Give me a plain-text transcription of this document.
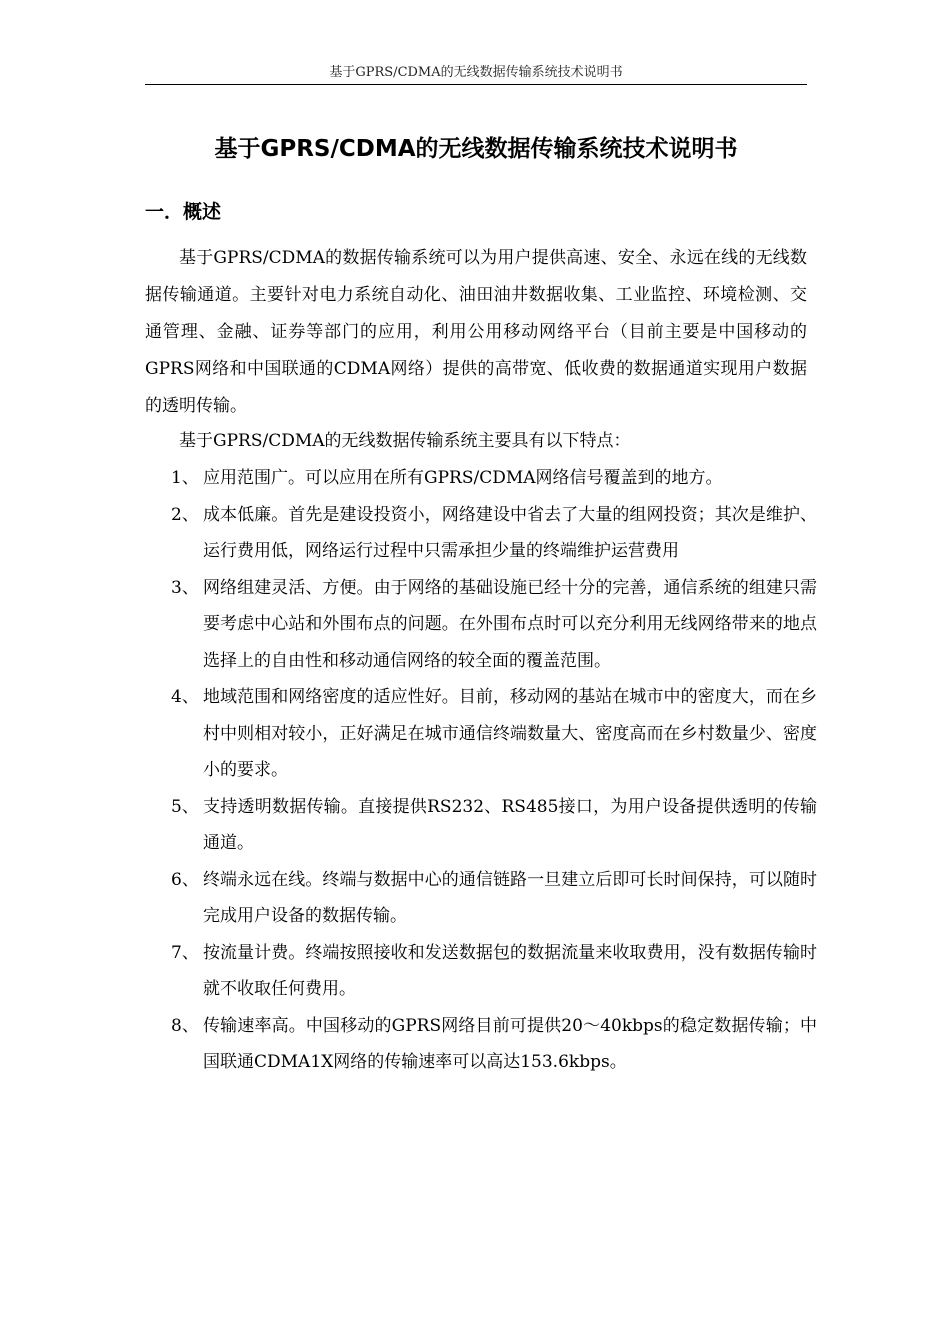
基于GPRS/CDMA的无线数据传输系统技术说明书
基于GPRS/CDMA的无线数据传输系统技术说明书
一．概述

基于GPRS/CDMA的数据传输系统可以为用户提供高速、安全、永远在线的无线数据传输通道。主要针对电力系统自动化、油田油井数据收集、工业监控、环境检测、交通管理、金融、证券等部门的应用，利用公用移动网络平台（目前主要是中国移动的GPRS网络和中国联通的CDMA网络）提供的高带宽、低收费的数据通道实现用户数据的透明传输。

基于GPRS/CDMA的无线数据传输系统主要具有以下特点：

1、 应用范围广。可以应用在所有GPRS/CDMA网络信号覆盖到的地方。
2、 成本低廉。首先是建设投资小，网络建设中省去了大量的组网投资；其次是维护、运行费用低，网络运行过程中只需承担少量的终端维护运营费用
3、 网络组建灵活、方便。由于网络的基础设施已经十分的完善，通信系统的组建只需要考虑中心站和外围布点的问题。在外围布点时可以充分利用无线网络带来的地点选择上的自由性和移动通信网络的较全面的覆盖范围。
4、 地域范围和网络密度的适应性好。目前，移动网的基站在城市中的密度大，而在乡村中则相对较小，正好满足在城市通信终端数量大、密度高而在乡村数量少、密度小的要求。
5、 支持透明数据传输。直接提供RS232、RS485接口，为用户设备提供透明的传输通道。
6、 终端永远在线。终端与数据中心的通信链路一旦建立后即可长时间保持，可以随时完成用户设备的数据传输。
7、 按流量计费。终端按照接收和发送数据包的数据流量来收取费用，没有数据传输时就不收取任何费用。
8、 传输速率高。中国移动的GPRS网络目前可提供20～40kbps的稳定数据传输；中国联通CDMA1X网络的传输速率可以高达153.6kbps。
